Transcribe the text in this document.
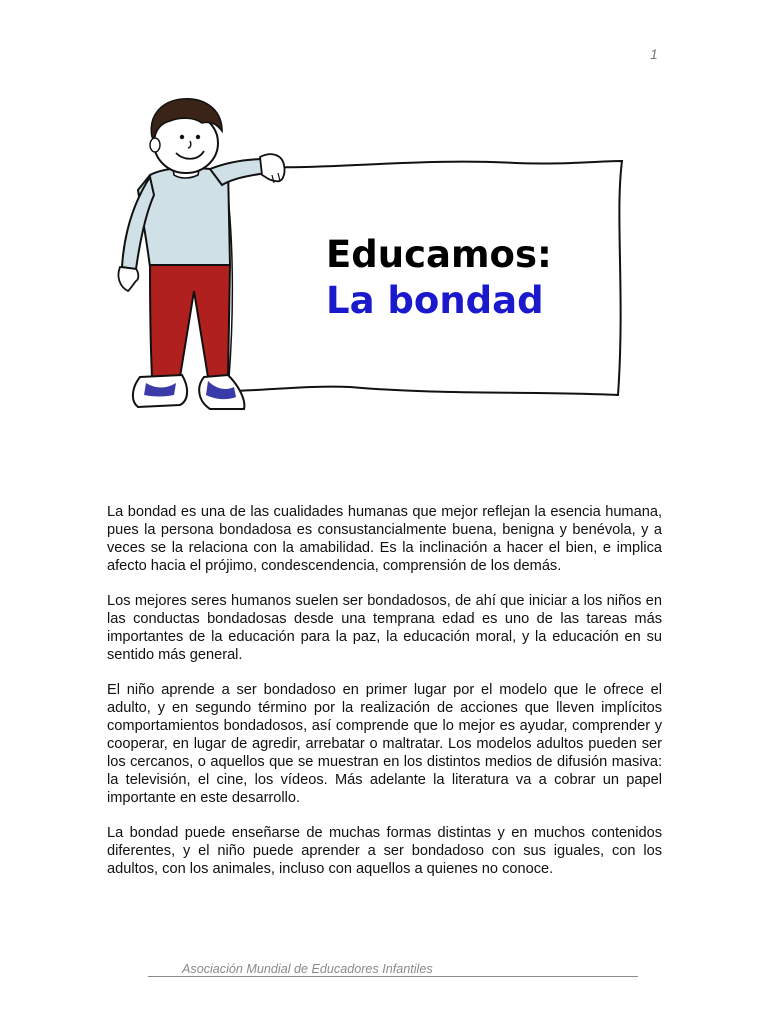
1
Educamos:
La bondad

La bondad es una de las cualidades humanas que mejor reflejan la esencia humana, pues la persona bondadosa es consustancialmente buena, benigna y benévola, y a veces se la relaciona con la amabilidad. Es la inclinación a hacer el bien, e implica afecto hacia el prójimo, condescendencia, comprensión de los demás.

Los mejores seres humanos suelen ser bondadosos, de ahí que iniciar a los niños en las conductas bondadosas desde una temprana edad es uno de las tareas más importantes de la educación para la paz, la educación moral, y la educación en su sentido más general.

El niño aprende a ser bondadoso en primer lugar por el modelo que le ofrece el adulto, y en segundo término por la realización de acciones que lleven implícitos comportamientos bondadosos, así comprende que lo mejor es ayudar, comprender y cooperar, en lugar de agredir, arrebatar o maltratar. Los modelos adultos pueden ser los cercanos, o aquellos que se muestran en los distintos medios de difusión masiva: la televisión, el cine, los vídeos. Más adelante la literatura va a cobrar un papel importante en este desarrollo.

La bondad puede enseñarse de muchas formas distintas y en muchos contenidos diferentes, y el niño puede aprender a ser bondadoso con sus iguales, con los adultos, con los animales, incluso con aquellos a quienes no conoce.

Asociación Mundial de Educadores Infantiles
